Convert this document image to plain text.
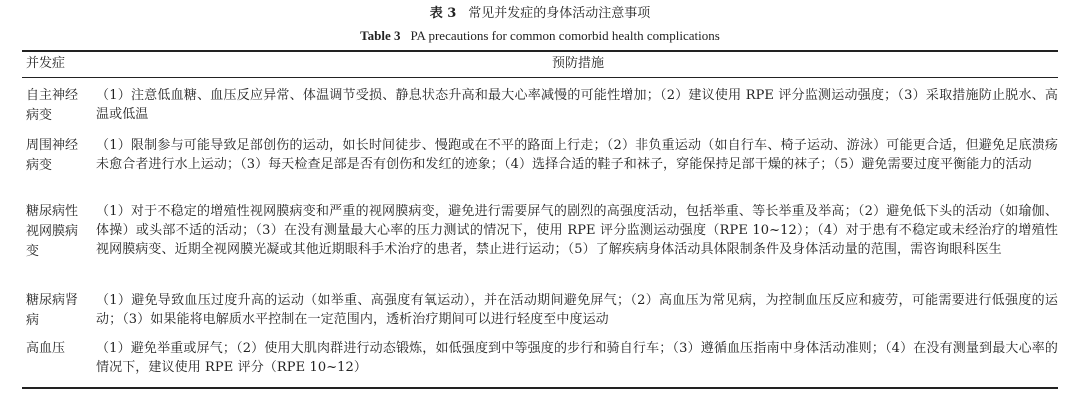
表 3 常见并发症的身体活动注意事项
Table 3 PA precautions for common comorbid health complications
并发症	预防措施
自主神经病变
（1）注意低血糖、血压反应异常、体温调节受损、静息状态升高和最大心率减慢的可能性增加；（2）建议使用 RPE 评分监测运动强度；（3）采取措施防止脱水、高温或低温
周围神经病变
（1）限制参与可能导致足部创伤的运动，如长时间徒步、慢跑或在不平的路面上行走；（2）非负重运动（如自行车、椅子运动、游泳）可能更合适，但避免足底溃疡未愈合者进行水上运动；（3）每天检查足部是否有创伤和发红的迹象；（4）选择合适的鞋子和袜子，穿能保持足部干燥的袜子；（5）避免需要过度平衡能力的活动
糖尿病性视网膜病变
（1）对于不稳定的增殖性视网膜病变和严重的视网膜病变，避免进行需要屏气的剧烈的高强度活动，包括举重、等长举重及举高；（2）避免低下头的活动（如瑜伽、体操）或头部不适的活动；（3）在没有测量最大心率的压力测试的情况下，使用 RPE 评分监测运动强度（RPE 10~12）；（4）对于患有不稳定或未经治疗的增殖性视网膜病变、近期全视网膜光凝或其他近期眼科手术治疗的患者，禁止进行运动；（5）了解疾病身体活动具体限制条件及身体活动量的范围，需咨询眼科医生
糖尿病肾病
（1）避免导致血压过度升高的运动（如举重、高强度有氧运动），并在活动期间避免屏气；（2）高血压为常见病，为控制血压反应和疲劳，可能需要进行低强度的运动；（3）如果能将电解质水平控制在一定范围内，透析治疗期间可以进行轻度至中度运动
高血压	（1）避免举重或屏气；（2）使用大肌肉群进行动态锻炼，如低强度到中等强度的步行和骑自行车；（3）遵循血压指南中身体活动准则；（4）在没有测量到最大心率的情况下，建议使用 RPE 评分（RPE 10~12）
